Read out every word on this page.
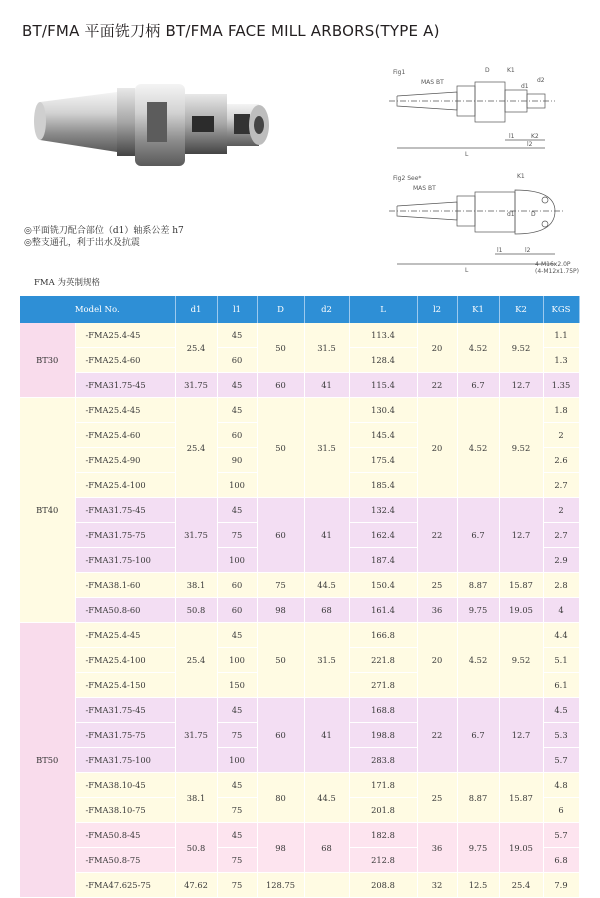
BT/FMA 平面铣刀柄 BT/FMA FACE MILL ARBORS(TYPE A)
Fig1
MAS BT
D	K1
d2
d1
K2
l1
l2
L
Fig2 See*
MAS BT
K1
d1	D
l1	l2
L
4-M16x2.0P
(4-M12x1.75P)
◎平面铣刀配合部位（d1）轴系公差 h7
◎整支通孔，利于出水及抗震
FMA 为英制规格
Model No.		d1	l1	D	d2	L	l2	K1	K2	KGS
BT30	-FMA25.4-45	25.4	45	50	31.5	113.4	20	4.52	9.52	1.1
	-FMA25.4-60		60			128.4				1.3
	-FMA31.75-45	31.75	45	60	41	115.4	22	6.7	12.7	1.35
BT40	-FMA25.4-45	25.4	45	50	31.5	130.4	20	4.52	9.52	1.8
	-FMA25.4-60		60			145.4				2
	-FMA25.4-90		90			175.4				2.6
	-FMA25.4-100		100			185.4				2.7
	-FMA31.75-45	31.75	45	60	41	132.4	22	6.7	12.7	2
	-FMA31.75-75		75			162.4				2.7
	-FMA31.75-100		100			187.4				2.9
	-FMA38.1-60	38.1	60	75	44.5	150.4	25	8.87	15.87	2.8
	-FMA50.8-60	50.8	60	98	68	161.4	36	9.75	19.05	4
BT50	-FMA25.4-45	25.4	45	50	31.5	166.8	20	4.52	9.52	4.4
	-FMA25.4-100		100			221.8				5.1
	-FMA25.4-150		150			271.8				6.1
	-FMA31.75-45	31.75	45	60	41	168.8	22	6.7	12.7	4.5
	-FMA31.75-75		75			198.8				5.3
	-FMA31.75-100		100			283.8				5.7
	-FMA38.10-45	38.1	45	80	44.5	171.8	25	8.87	15.87	4.8
	-FMA38.10-75		75			201.8				6
	-FMA50.8-45	50.8	45	98	68	182.8	36	9.75	19.05	5.7
	-FMA50.8-75		75			212.8				6.8
	-FMA47.625-75	47.62	75	128.75		208.8	32	12.5	25.4	7.9
